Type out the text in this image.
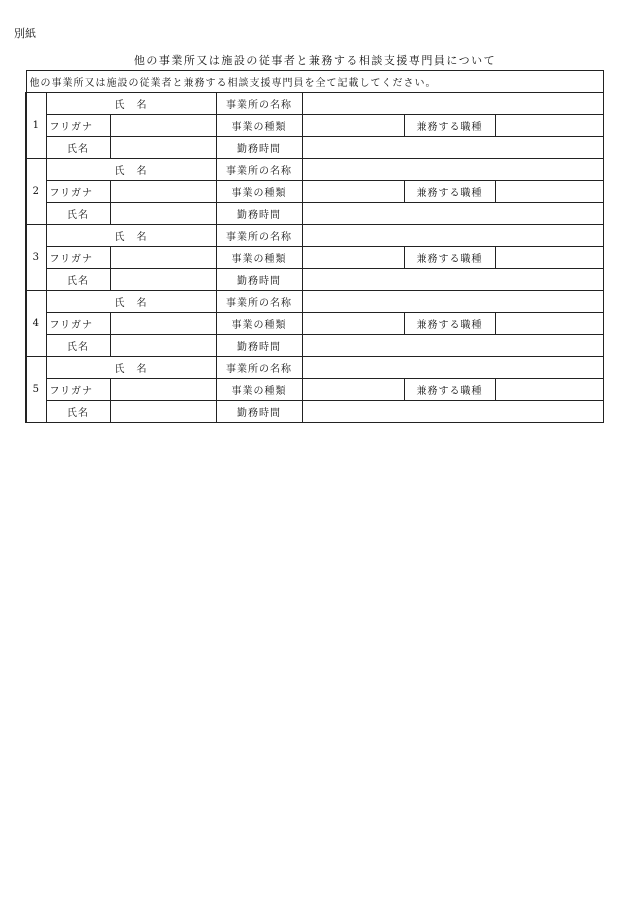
別紙
他の事業所又は施設の従事者と兼務する相談支援専門員について
他の事業所又は施設の従業者と兼務する相談支援専門員を全て記載してください。						
1	氏　名		事業所の名称			
	フリガナ		事業の種類		兼務する職種	
	氏名		勤務時間			
2	氏　名		事業所の名称			
	フリガナ		事業の種類		兼務する職種	
	氏名		勤務時間			
3	氏　名		事業所の名称			
	フリガナ		事業の種類		兼務する職種	
	氏名		勤務時間			
4	氏　名		事業所の名称			
	フリガナ		事業の種類		兼務する職種	
	氏名		勤務時間			
5	氏　名		事業所の名称			
	フリガナ		事業の種類		兼務する職種	
	氏名		勤務時間			
